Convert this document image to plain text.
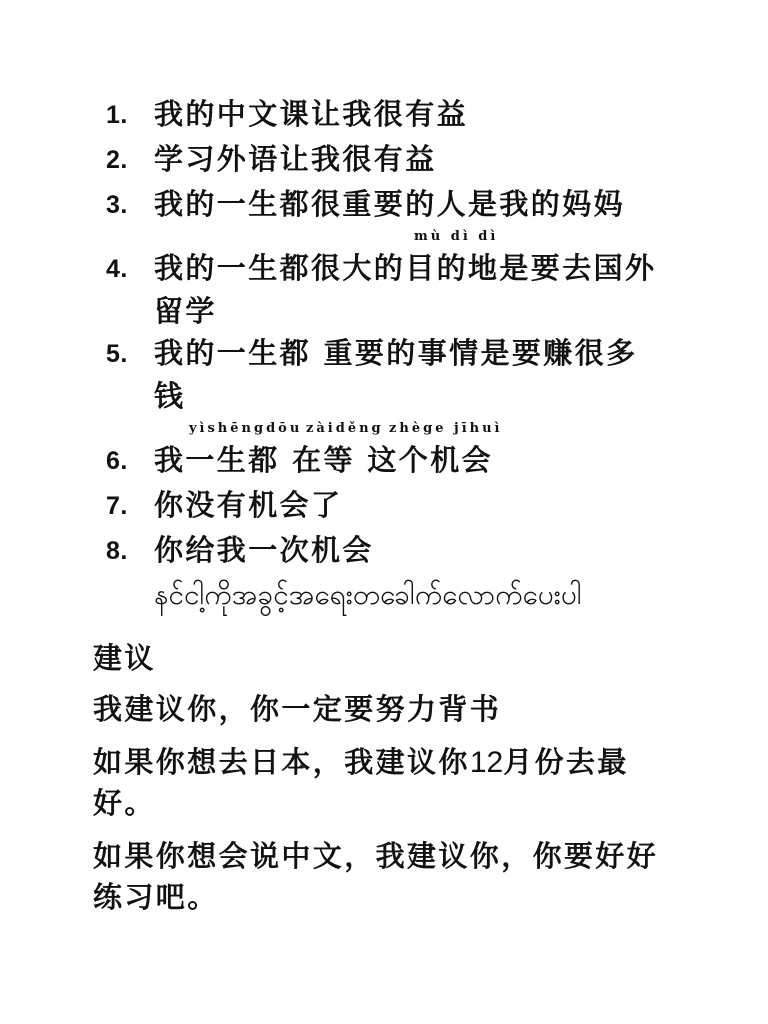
1. 我的中文课让我很有益
2. 学习外语让我很有益
3. 我的一生都很重要的人是我的妈妈
mù dì dì
4. 我的一生都很大的目的地是要去国外
留学
5. 我的一生都 重要的事情是要赚很多
钱
yìshēngdōu zàiděng zhège jīhuì
6. 我一生都 在等 这个机会
7. 你没有机会了
8. 你给我一次机会
နင်ငါ့ကိုအခွင့်အရေးတခေါက်လောက်ပေးပါ
建议
我建议你，你一定要努力背书
如果你想去日本，我建议你12月份去最
好。
如果你想会说中文，我建议你，你要好好
练习吧。
